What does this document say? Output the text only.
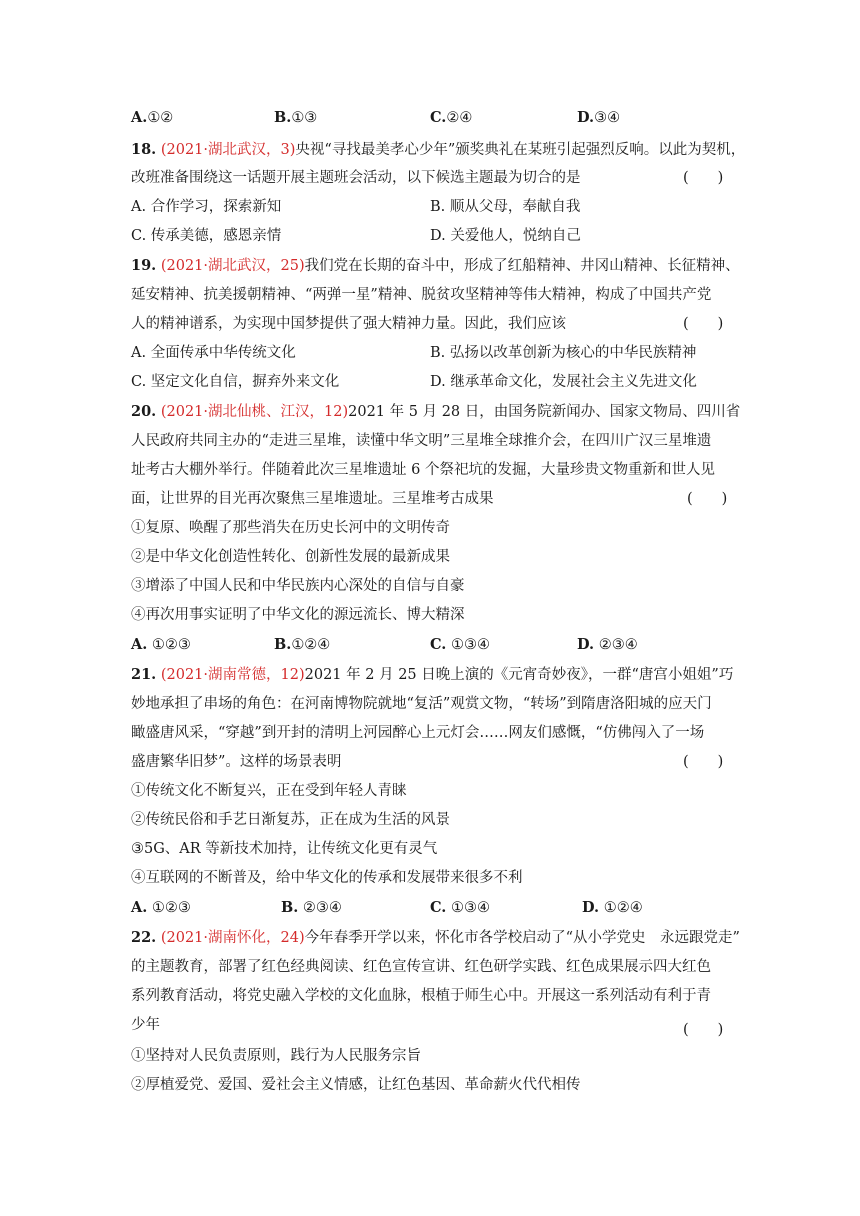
A.①②	B.①③	C.②④	D.③④
18. (2021·湖北武汉，3)央视“寻找最美孝心少年”颁奖典礼在某班引起强烈反响。以此为契机，
改班准备围绕这一话题开展主题班会活动，以下候选主题最为切合的是	(　　)
A. 合作学习，探索新知	B. 顺从父母，奉献自我
C. 传承美德，感恩亲情	D. 关爱他人，悦纳自己
19. (2021·湖北武汉，25)我们党在长期的奋斗中，形成了红船精神、井冈山精神、长征精神、
延安精神、抗美援朝精神、“两弹一星”精神、脱贫攻坚精神等伟大精神，构成了中国共产党
人的精神谱系，为实现中国梦提供了强大精神力量。因此，我们应该	(　　)
A. 全面传承中华传统文化	B. 弘扬以改革创新为核心的中华民族精神
C. 坚定文化自信，摒弃外来文化	D. 继承革命文化，发展社会主义先进文化
20. (2021·湖北仙桃、江汉，12)2021 年 5 月 28 日，由国务院新闻办、国家文物局、四川省
人民政府共同主办的“走进三星堆，读懂中华文明”三星堆全球推介会，在四川广汉三星堆遗
址考古大棚外举行。伴随着此次三星堆遗址 6 个祭祀坑的发掘，大量珍贵文物重新和世人见
面，让世界的目光再次聚焦三星堆遗址。三星堆考古成果	(　　)
①复原、唤醒了那些消失在历史长河中的文明传奇
②是中华文化创造性转化、创新性发展的最新成果
③增添了中国人民和中华民族内心深处的自信与自豪
④再次用事实证明了中华文化的源远流长、博大精深
A. ①②③	B.①②④	C. ①③④	D. ②③④
21. (2021·湖南常德，12)2021 年 2 月 25 日晚上演的《元宵奇妙夜》，一群“唐宫小姐姐”巧
妙地承担了串场的角色：在河南博物院就地“复活”观赏文物，“转场”到隋唐洛阳城的应天门
瞰盛唐风采，“穿越”到开封的清明上河园醉心上元灯会……网友们感慨，“仿佛闯入了一场
盛唐繁华旧梦”。这样的场景表明	(　　)
①传统文化不断复兴，正在受到年轻人青睐
②传统民俗和手艺日渐复苏，正在成为生活的风景
③5G、AR 等新技术加持，让传统文化更有灵气
④互联网的不断普及，给中华文化的传承和发展带来很多不利
A. ①②③	B. ②③④	C. ①③④	D. ①②④
22. (2021·湖南怀化，24)今年春季开学以来，怀化市各学校启动了“从小学党史　永远跟党走”
的主题教育，部署了红色经典阅读、红色宣传宣讲、红色研学实践、红色成果展示四大红色
系列教育活动，将党史融入学校的文化血脉，根植于师生心中。开展这一系列活动有利于青
少年	(　　)
①坚持对人民负责原则，践行为人民服务宗旨
②厚植爱党、爱国、爱社会主义情感，让红色基因、革命薪火代代相传
